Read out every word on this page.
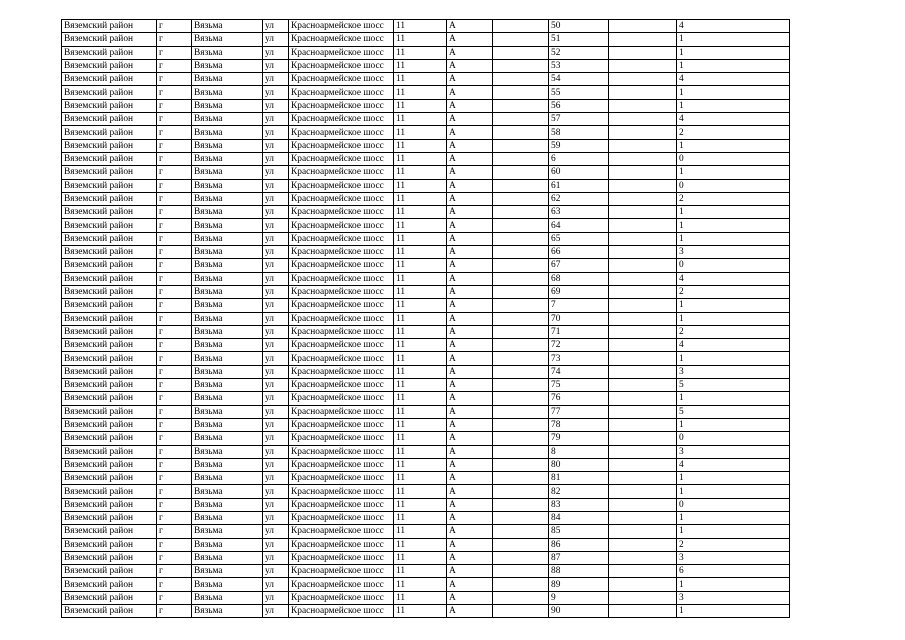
Вяземский район	г	Вязьма	ул	Красноармейское шосс	11	А		50		4
Вяземский район	г	Вязьма	ул	Красноармейское шосс	11	А		51		1
Вяземский район	г	Вязьма	ул	Красноармейское шосс	11	А		52		1
Вяземский район	г	Вязьма	ул	Красноармейское шосс	11	А		53		1
Вяземский район	г	Вязьма	ул	Красноармейское шосс	11	А		54		4
Вяземский район	г	Вязьма	ул	Красноармейское шосс	11	А		55		1
Вяземский район	г	Вязьма	ул	Красноармейское шосс	11	А		56		1
Вяземский район	г	Вязьма	ул	Красноармейское шосс	11	А		57		4
Вяземский район	г	Вязьма	ул	Красноармейское шосс	11	А		58		2
Вяземский район	г	Вязьма	ул	Красноармейское шосс	11	А		59		1
Вяземский район	г	Вязьма	ул	Красноармейское шосс	11	А		6		0
Вяземский район	г	Вязьма	ул	Красноармейское шосс	11	А		60		1
Вяземский район	г	Вязьма	ул	Красноармейское шосс	11	А		61		0
Вяземский район	г	Вязьма	ул	Красноармейское шосс	11	А		62		2
Вяземский район	г	Вязьма	ул	Красноармейское шосс	11	А		63		1
Вяземский район	г	Вязьма	ул	Красноармейское шосс	11	А		64		1
Вяземский район	г	Вязьма	ул	Красноармейское шосс	11	А		65		1
Вяземский район	г	Вязьма	ул	Красноармейское шосс	11	А		66		3
Вяземский район	г	Вязьма	ул	Красноармейское шосс	11	А		67		0
Вяземский район	г	Вязьма	ул	Красноармейское шосс	11	А		68		4
Вяземский район	г	Вязьма	ул	Красноармейское шосс	11	А		69		2
Вяземский район	г	Вязьма	ул	Красноармейское шосс	11	А		7		1
Вяземский район	г	Вязьма	ул	Красноармейское шосс	11	А		70		1
Вяземский район	г	Вязьма	ул	Красноармейское шосс	11	А		71		2
Вяземский район	г	Вязьма	ул	Красноармейское шосс	11	А		72		4
Вяземский район	г	Вязьма	ул	Красноармейское шосс	11	А		73		1
Вяземский район	г	Вязьма	ул	Красноармейское шосс	11	А		74		3
Вяземский район	г	Вязьма	ул	Красноармейское шосс	11	А		75		5
Вяземский район	г	Вязьма	ул	Красноармейское шосс	11	А		76		1
Вяземский район	г	Вязьма	ул	Красноармейское шосс	11	А		77		5
Вяземский район	г	Вязьма	ул	Красноармейское шосс	11	А		78		1
Вяземский район	г	Вязьма	ул	Красноармейское шосс	11	А		79		0
Вяземский район	г	Вязьма	ул	Красноармейское шосс	11	А		8		3
Вяземский район	г	Вязьма	ул	Красноармейское шосс	11	А		80		4
Вяземский район	г	Вязьма	ул	Красноармейское шосс	11	А		81		1
Вяземский район	г	Вязьма	ул	Красноармейское шосс	11	А		82		1
Вяземский район	г	Вязьма	ул	Красноармейское шосс	11	А		83		0
Вяземский район	г	Вязьма	ул	Красноармейское шосс	11	А		84		1
Вяземский район	г	Вязьма	ул	Красноармейское шосс	11	А		85		1
Вяземский район	г	Вязьма	ул	Красноармейское шосс	11	А		86		2
Вяземский район	г	Вязьма	ул	Красноармейское шосс	11	А		87		3
Вяземский район	г	Вязьма	ул	Красноармейское шосс	11	А		88		6
Вяземский район	г	Вязьма	ул	Красноармейское шосс	11	А		89		1
Вяземский район	г	Вязьма	ул	Красноармейское шосс	11	А		9		3
Вяземский район	г	Вязьма	ул	Красноармейское шосс	11	А		90		1
